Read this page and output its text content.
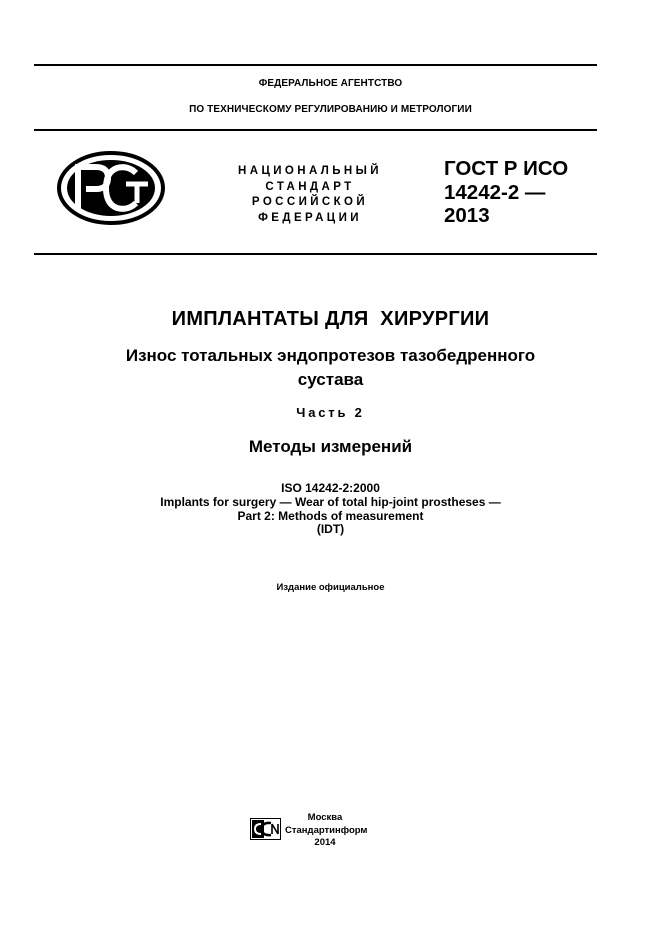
ФЕДЕРАЛЬНОЕ АГЕНТСТВО
ПО ТЕХНИЧЕСКОМУ РЕГУЛИРОВАНИЮ И МЕТРОЛОГИИ
НАЦИОНАЛЬНЫЙ
СТАНДАРТ
РОССИЙСКОЙ
ФЕДЕРАЦИИ
ГОСТ Р ИСО
14242-2 —
2013
ИМПЛАНТАТЫ ДЛЯ  ХИРУРГИИ
Износ тотальных эндопротезов тазобедренного
сустава
Часть 2
Методы измерений
ISO 14242-2:2000
Implants for surgery — Wear of total hip-joint prostheses —
Part 2: Methods of measurement
(IDT)
Издание официальное
Москва
Стандартинформ
2014
